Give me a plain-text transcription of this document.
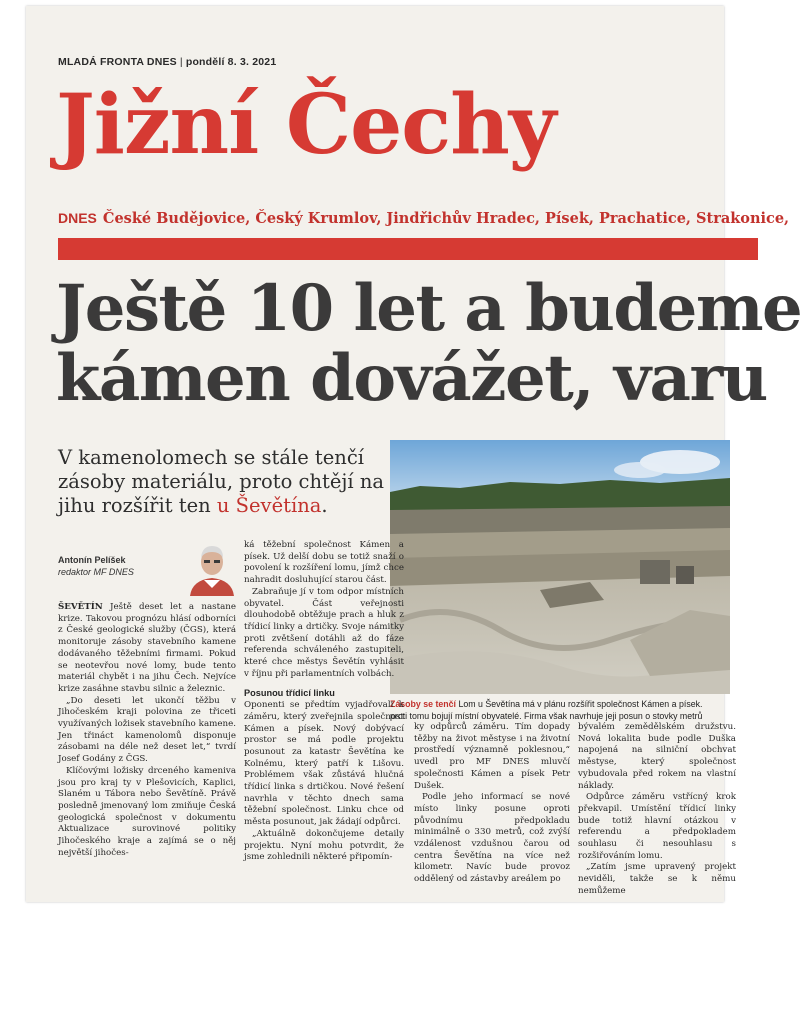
MLADÁ FRONTA DNES | pondělí 8. 3. 2021
Jižní Čechy
DNES České Budějovice, Český Krumlov, Jindřichův Hradec, Písek, Prachatice, Strakonice,
Ještě 10 let a budeme
kámen dovážet, varu

V kamenolomech se stále tenčí zásoby materiálu, proto chtějí na jihu rozšířit ten u Ševětína.

Zásoby se tenčí Lom u Ševětína má v plánu rozšířit společnost Kámen a písek.
proti tomu bojují místní obyvatelé. Firma však navrhuje jeji posun o stovky metrů
Antonín Pelíšek
redaktor MF DNES

ŠEVĚTÍN Ještě deset let a nastane krize. Takovou prognózu hlásí odborníci z České geologické služby (ČGS), která monitoruje zásoby stavebního kamene dodávaného těžebními firmami. Pokud se neotevřou nové lomy, bude tento materiál chybět i na jihu Čech. Nejvíce krize zasáhne stavbu silnic a železnic.

„Do deseti let ukončí těžbu v Jihočeském kraji polovina ze třiceti využívaných ložisek stavebního kamene. Jen třináct kamenolomů disponuje zásobami na déle než deset let,“ tvrdí Josef Godány z ČGS.

Klíčovými ložisky drceného kameniva jsou pro kraj ty v Plešovicích, Kaplici, Slaném u Tábora nebo Ševětíně. Právě posledně jmenovaný lom zmiňuje Česká geologická společnost v dokumentu Aktualizace surovinové politiky Jihočeského kraje a zajímá se o něj největší jihočes-

ká těžební společnost Kámen a písek. Už delší dobu se totiž snaží o povolení k rozšíření lomu, jímž chce nahradit dosluhující starou část.

Zabraňuje jí v tom odpor místních obyvatel. Část veřejnosti dlouhodobě obtěžuje prach a hluk z třídicí linky a drtičky. Svoje námitky proti zvětšení dotáhli až do fáze referenda schváleného zastupiteli, které chce městys Ševětín vyhlásit v říjnu při parlamentních volbách.

Posunou třídicí linku

Oponenti se předtím vyjadřovali k záměru, který zveřejnila společnost Kámen a písek. Nový dobývací prostor se má podle projektu posunout za katastr Ševětína ke Kolnému, který patří k Lišovu. Problémem však zůstává hlučná třídicí linka s drtičkou. Nové řešení navrhla v těchto dnech sama těžební společnost. Linku chce od města posunout, jak žádají odpůrci.

„Aktuálně dokončujeme detaily projektu. Nyní mohu potvrdit, že jsme zohlednili některé připomín-

ky odpůrců záměru. Tím dopady těžby na život městyse i na životní prostředí významně poklesnou,“ uvedl pro MF DNES mluvčí společnosti Kámen a písek Petr Dušek.

Podle jeho informací se nové místo linky posune oproti původnímu předpokladu minimálně o 330 metrů, což zvýší vzdálenost vzdušnou čarou od centra Ševětína na více než kilometr. Navíc bude provoz oddělený od zástavby areálem po

bývalém zemědělském družstvu. Nová lokalita bude podle Duška napojená na silniční obchvat městyse, který společnost vybudovala před rokem na vlastní náklady.

Odpůrce záměru vstřícný krok překvapil. Umístění třídicí linky bude totiž hlavní otázkou v referendu a předpokladem souhlasu či nesouhlasu s rozšiřováním lomu.

„Zatím jsme upravený projekt neviděli, takže se k němu nemůžeme
